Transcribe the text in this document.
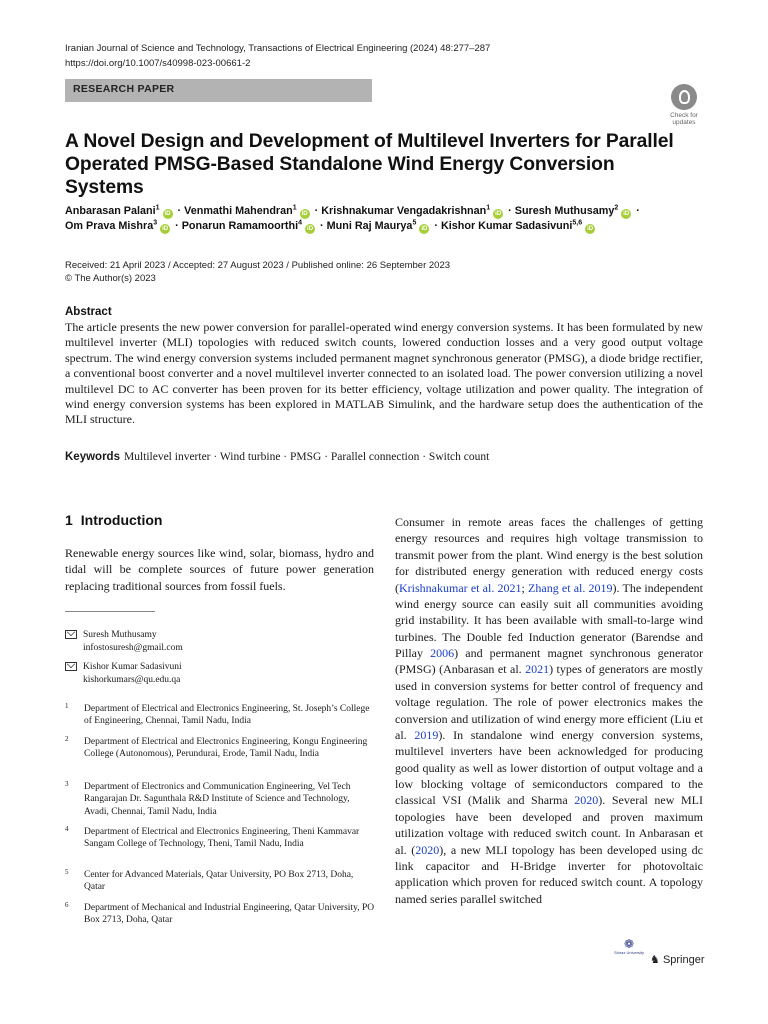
Iranian Journal of Science and Technology, Transactions of Electrical Engineering (2024) 48:277–287
https://doi.org/10.1007/s40998-023-00661-2
RESEARCH PAPER
Check for updates
A Novel Design and Development of Multilevel Inverters for Parallel
Operated PMSG-Based Standalone Wind Energy Conversion Systems
Anbarasan Palani$^1$iD · Venmathi Mahendran$^1$iD · Krishnakumar Vengadakrishnan$^1$iD · Suresh Muthusamy$^2$iD ·
Om Prava Mishra$^3$iD · Ponarun Ramamoorthi$^4$iD · Muni Raj Maurya$^5$iD · Kishor Kumar Sadasivuni$^{5,6}$iD
Received: 21 April 2023 / Accepted: 27 August 2023 / Published online: 26 September 2023
© The Author(s) 2023
Abstract
The article presents the new power conversion for parallel-operated wind energy conversion systems. It has been formulated by new multilevel inverter (MLI) topologies with reduced switch counts, lowered conduction losses and a very good output voltage spectrum. The wind energy conversion systems included permanent magnet synchronous generator (PMSG), a diode bridge rectifier, a conventional boost converter and a novel multilevel inverter connected to an isolated load. The power conversion utilizing a novel multilevel DC to AC converter has been proven for its better efficiency, voltage utilization and power quality. The integration of wind energy conversion systems has been explored in MATLAB Simulink, and the hardware setup does the authentication of the MLI structure.
Keywords Multilevel inverter · Wind turbine · PMSG · Parallel connection · Switch count
1 Introduction
Renewable energy sources like wind, solar, biomass, hydro and tidal will be complete sources of future power generation replacing traditional sources from fossil fuels.
Suresh Muthusamy
infostosuresh@gmail.com
Kishor Kumar Sadasivuni
kishorkumars@qu.edu.qa
1 Department of Electrical and Electronics Engineering, St. Joseph’s College of Engineering, Chennai, Tamil Nadu, India
2 Department of Electrical and Electronics Engineering, Kongu Engineering College (Autonomous), Perundurai, Erode, Tamil Nadu, India
3 Department of Electronics and Communication Engineering, Vel Tech Rangarajan Dr. Sagunthala R&D Institute of Science and Technology, Avadi, Chennai, Tamil Nadu, India
4 Department of Electrical and Electronics Engineering, Theni Kammavar Sangam College of Technology, Theni, Tamil Nadu, India
5 Center for Advanced Materials, Qatar University, PO Box 2713, Doha, Qatar
6 Department of Mechanical and Industrial Engineering, Qatar University, PO Box 2713, Doha, Qatar
Consumer in remote areas faces the challenges of getting energy resources and requires high voltage transmission to transmit power from the plant. Wind energy is the best solution for distributed energy generation with reduced energy costs (Krishnakumar et al. 2021; Zhang et al. 2019). The independent wind energy source can easily suit all communities avoiding grid instability. It has been available with small-to-large wind turbines. The Double fed Induction generator (Barendse and Pillay 2006) and permanent magnet synchronous generator (PMSG) (Anbarasan et al. 2021) types of generators are mostly used in conversion systems for better control of frequency and voltage regulation. The role of power electronics makes the conversion and utilization of wind energy more efficient (Liu et al. 2019). In standalone wind energy conversion systems, multilevel inverters have been acknowledged for producing good quality as well as lower distortion of output voltage and a low blocking voltage of semiconductors compared to the classical VSI (Malik and Sharma 2020). Several new MLI topologies have been developed and proven maximum utilization voltage with reduced switch count. In Anbarasan et al. (2020), a new MLI topology has been developed using dc link capacitor and H-Bridge inverter for photovoltaic application which proven for reduced switch count. A topology named series parallel switched
❁
Shiraz University
♞ Springer
